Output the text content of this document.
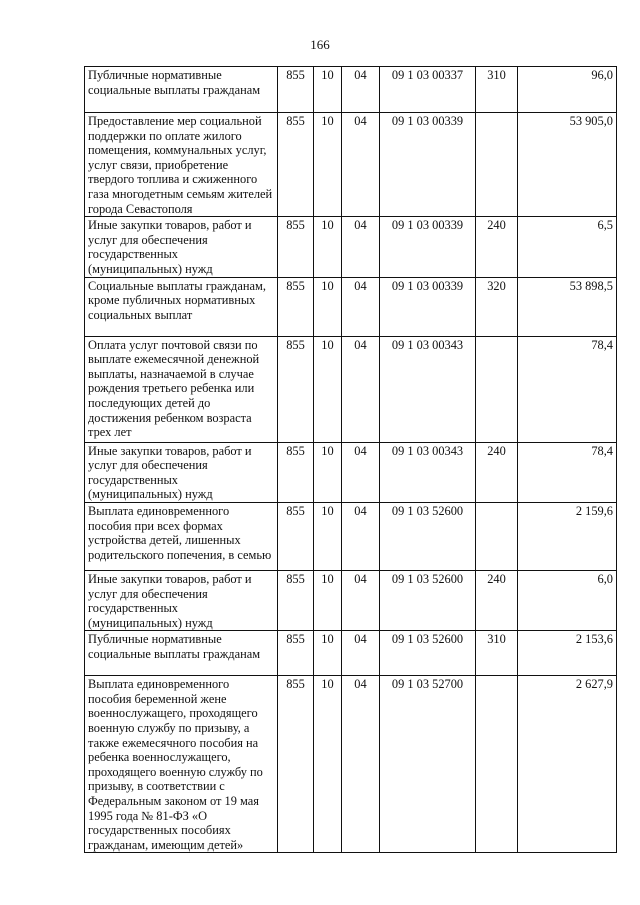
166
Публичные нормативные социальные выплаты гражданам	855	10	04	09 1 03 00337	310	96,0
Предоставление мер социальной поддержки по оплате жилого помещения, коммунальных услуг, услуг связи, приобретение твердого топлива и сжиженного газа многодетным семьям жителей города Севастополя	855	10	04	09 1 03 00339		53 905,0
Иные закупки товаров, работ и услуг для обеспечения государственных (муниципальных) нужд	855	10	04	09 1 03 00339	240	6,5
Социальные выплаты гражданам, кроме публичных нормативных социальных выплат	855	10	04	09 1 03 00339	320	53 898,5
Оплата услуг почтовой связи по выплате ежемесячной денежной выплаты, назначаемой в случае рождения третьего ребенка или последующих детей до достижения ребенком возраста трех лет	855	10	04	09 1 03 00343		78,4
Иные закупки товаров, работ и услуг для обеспечения государственных (муниципальных) нужд	855	10	04	09 1 03 00343	240	78,4
Выплата единовременного пособия при всех формах устройства детей, лишенных родительского попечения, в семью	855	10	04	09 1 03 52600		2 159,6
Иные закупки товаров, работ и услуг для обеспечения государственных (муниципальных) нужд	855	10	04	09 1 03 52600	240	6,0
Публичные нормативные социальные выплаты гражданам	855	10	04	09 1 03 52600	310	2 153,6
Выплата единовременного пособия беременной жене военнослужащего, проходящего военную службу по призыву, а также ежемесячного пособия на ребенка военнослужащего, проходящего военную службу по призыву, в соответствии с Федеральным законом от 19 мая 1995 года № 81-ФЗ «О государственных пособиях гражданам, имеющим детей»	855	10	04	09 1 03 52700		2 627,9
